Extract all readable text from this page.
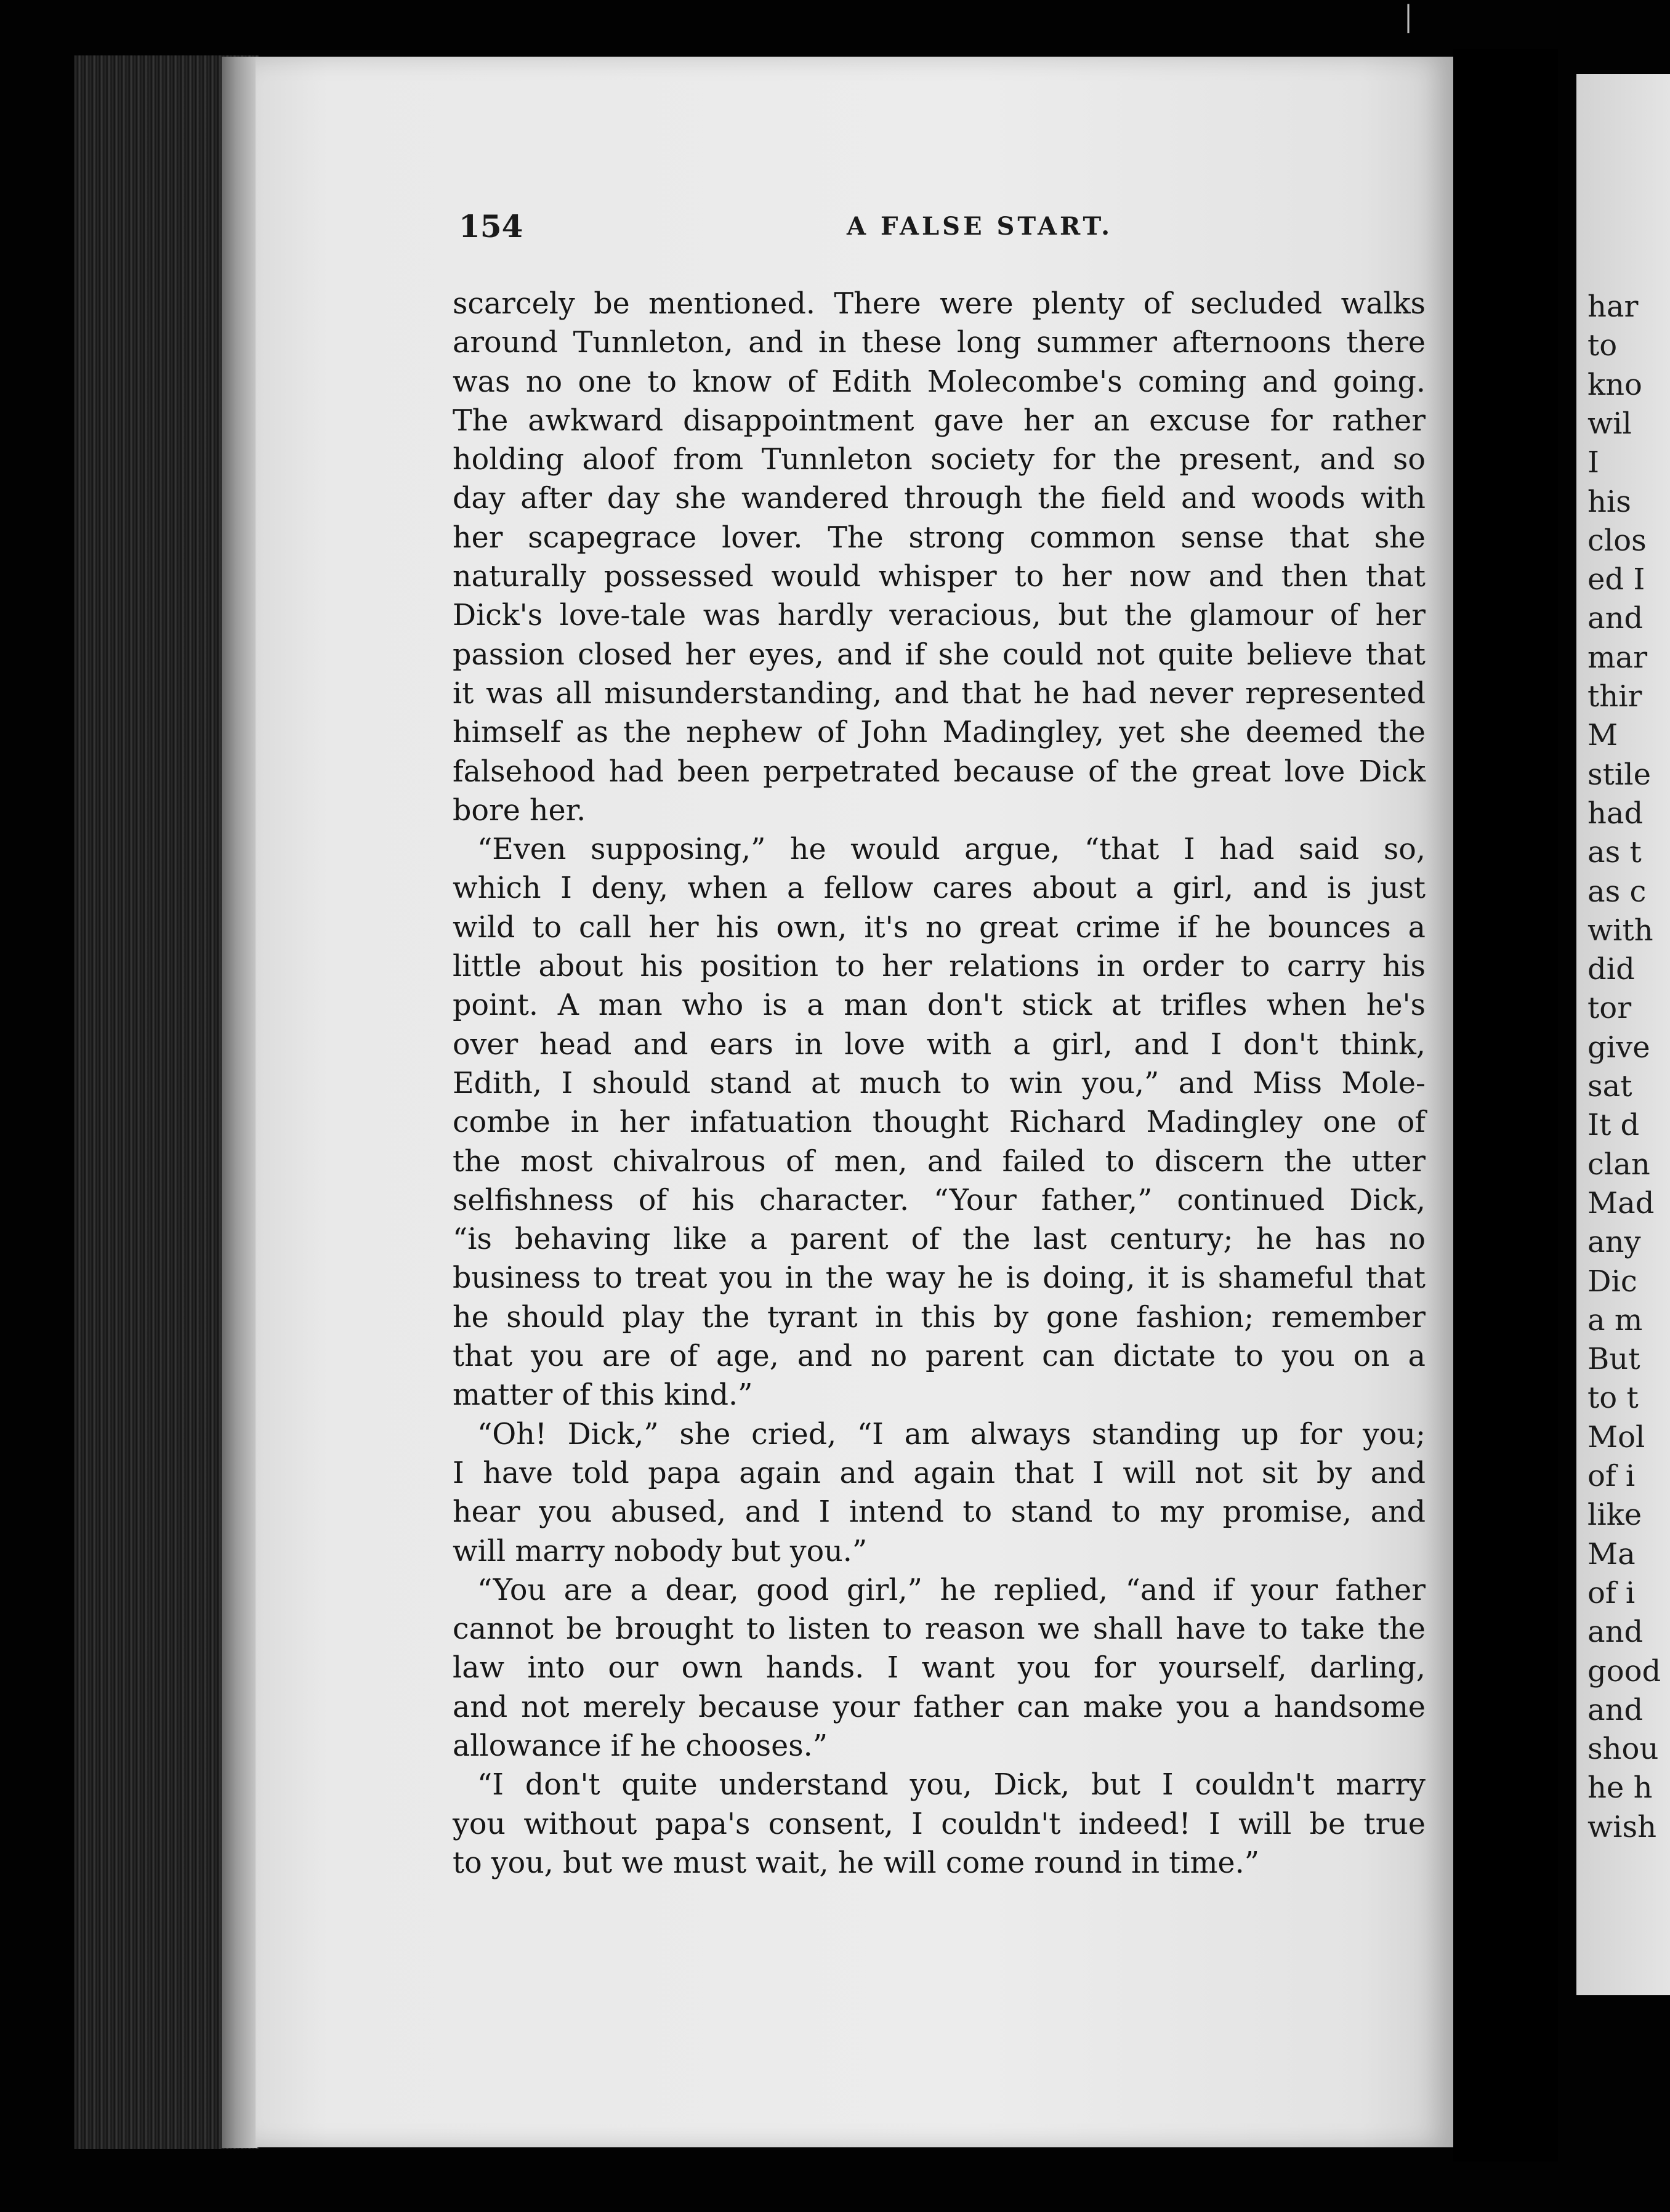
154	A FALSE START.
scarcely be mentioned. There were plenty of secluded walks
around Tunnleton, and in these long summer afternoons there
was no one to know of Edith Molecombe's coming and going.
The awkward disappointment gave her an excuse for rather
holding aloof from Tunnleton society for the present, and so
day after day she wandered through the field and woods with
her scapegrace lover. The strong common sense that she
naturally possessed would whisper to her now and then that
Dick's love-tale was hardly veracious, but the glamour of her
passion closed her eyes, and if she could not quite believe that
it was all misunderstanding, and that he had never represented
himself as the nephew of John Madingley, yet she deemed the
falsehood had been perpetrated because of the great love Dick
bore her.
“Even supposing,” he would argue, “that I had said so,
which I deny, when a fellow cares about a girl, and is just
wild to call her his own, it's no great crime if he bounces a
little about his position to her relations in order to carry his
point. A man who is a man don't stick at trifles when he's
over head and ears in love with a girl, and I don't think,
Edith, I should stand at much to win you,” and Miss Mole-
combe in her infatuation thought Richard Madingley one of
the most chivalrous of men, and failed to discern the utter
selfishness of his character. “Your father,” continued Dick,
“is behaving like a parent of the last century; he has no
business to treat you in the way he is doing, it is shameful that
he should play the tyrant in this by gone fashion; remember
that you are of age, and no parent can dictate to you on a
matter of this kind.”
“Oh! Dick,” she cried, “I am always standing up for you;
I have told papa again and again that I will not sit by and
hear you abused, and I intend to stand to my promise, and
will marry nobody but you.”
“You are a dear, good girl,” he replied, “and if your father
cannot be brought to listen to reason we shall have to take the
law into our own hands. I want you for yourself, darling,
and not merely because your father can make you a handsome
allowance if he chooses.”
“I don't quite understand you, Dick, but I couldn't marry
you without papa's consent, I couldn't indeed! I will be true
to you, but we must wait, he will come round in time.”
har
to
kno
wil
I
his
clos
ed I
and
mar
thir
M
stile
had
as t
as c
with
did
tor
give
sat
It d
clan
Mad
any
Dic
a m
But
to t
Mol
of i
like
Ma
of i
and
good
and
shou
he h
wish
│
